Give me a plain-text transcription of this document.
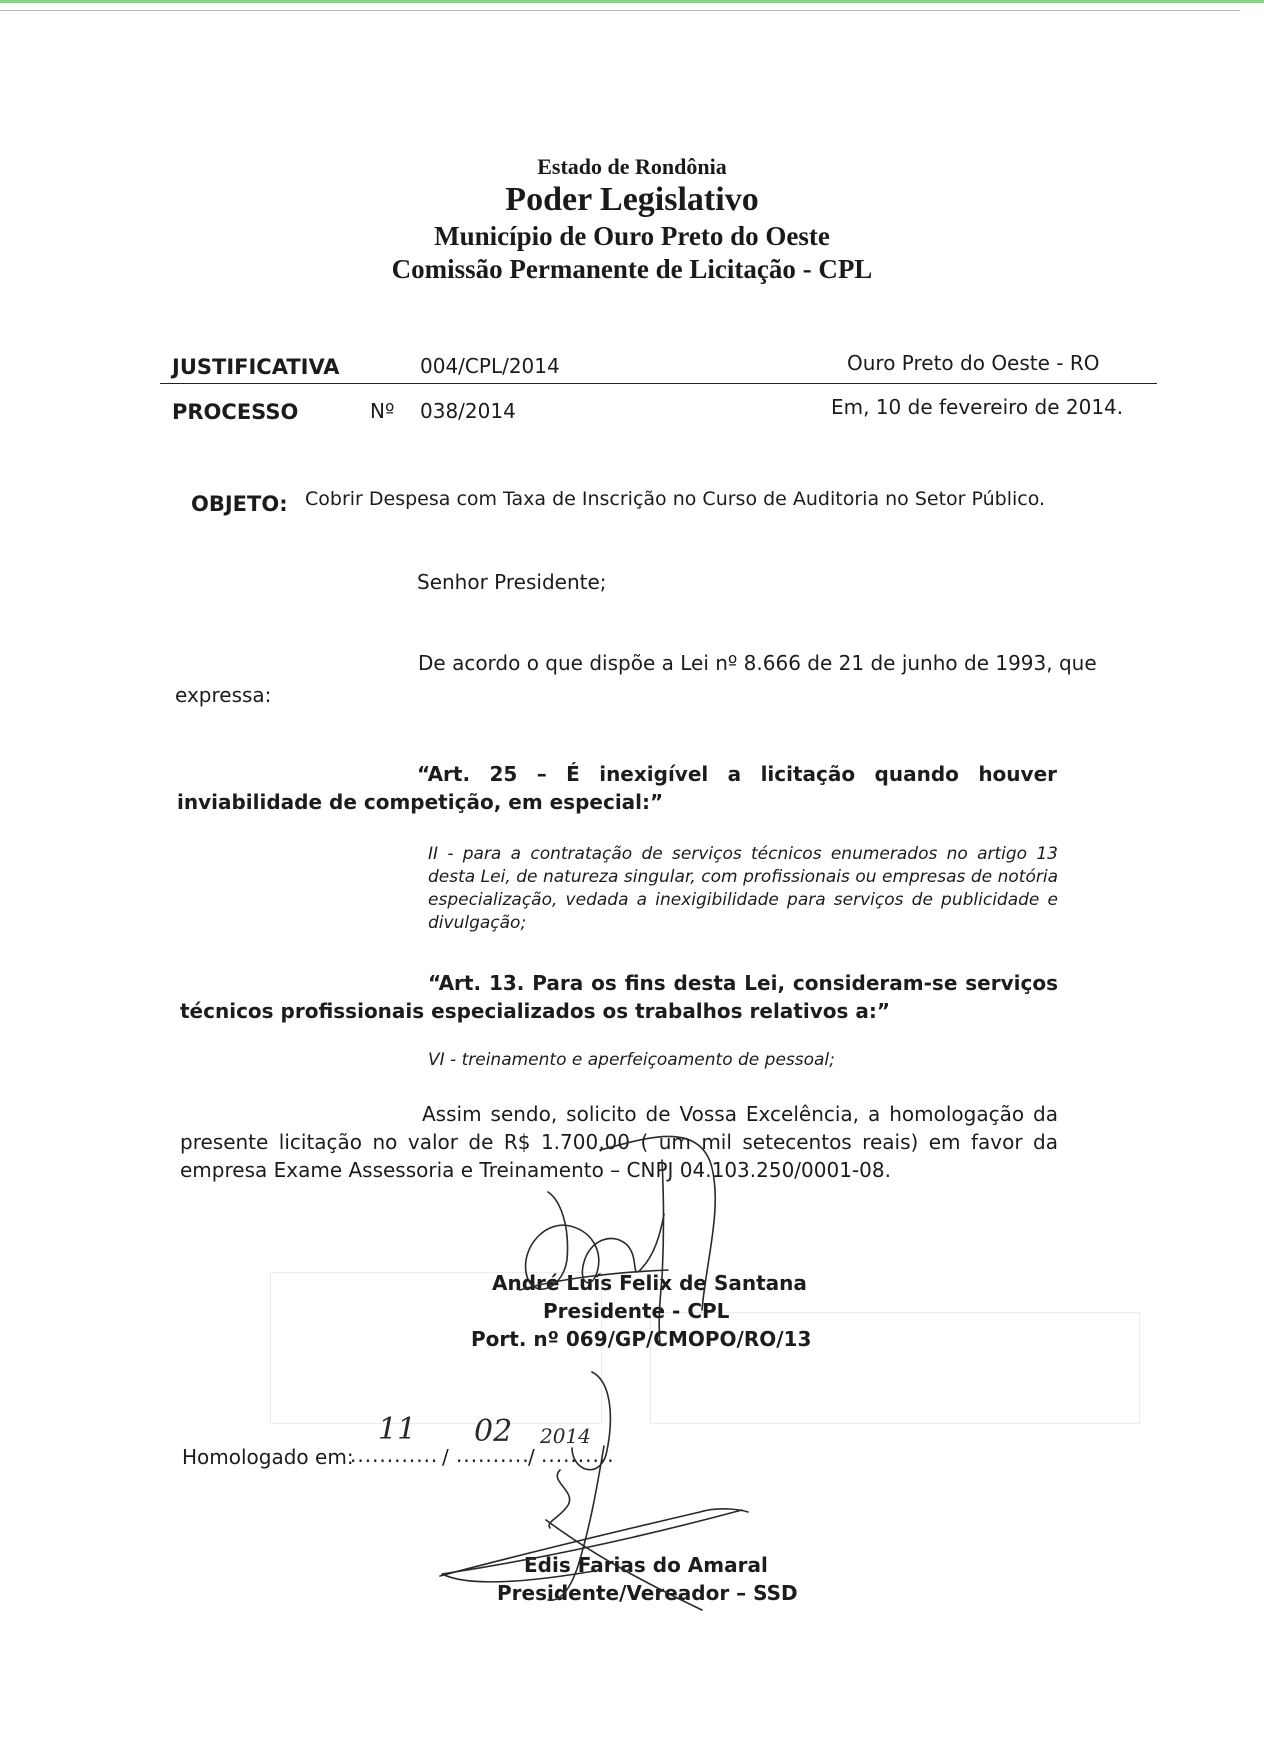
Estado de Rondônia
Poder Legislativo
Município de Ouro Preto do Oeste
Comissão Permanente de Licitação - CPL
JUSTIFICATIVA	004/CPL/2014	Ouro Preto do Oeste - RO
PROCESSO	Nº 038/2014	Em, 10 de fevereiro de 2014.
OBJETO: Cobrir Despesa com Taxa de Inscrição no Curso de Auditoria no Setor Público.
Senhor Presidente;
De acordo o que dispõe a Lei nº 8.666 de 21 de junho de 1993, que
expressa:
“Art. 25 – É inexigível a licitação quando houver inviabilidade de competição, em especial:”
II - para a contratação de serviços técnicos enumerados no artigo 13 desta Lei, de natureza singular, com profissionais ou empresas de notória especialização, vedada a inexigibilidade para serviços de publicidade e divulgação;
“Art. 13. Para os fins desta Lei, consideram-se serviços técnicos profissionais especializados os trabalhos relativos a:”
VI - treinamento e aperfeiçoamento de pessoal;
Assim sendo, solicito de Vossa Excelência, a homologação da presente licitação no valor de R$ 1.700,00 ( um mil setecentos reais) em favor da empresa Exame Assessoria e Treinamento – CNPJ 04.103.250/0001-08.
André Luís Felix de Santana
Presidente - CPL
Port. nº 069/GP/CMOPO/RO/13
Homologado em:
............ / ..........
/ ..........
11 02 2014
Edis Farias do Amaral
Presidente/Vereador – SSD
